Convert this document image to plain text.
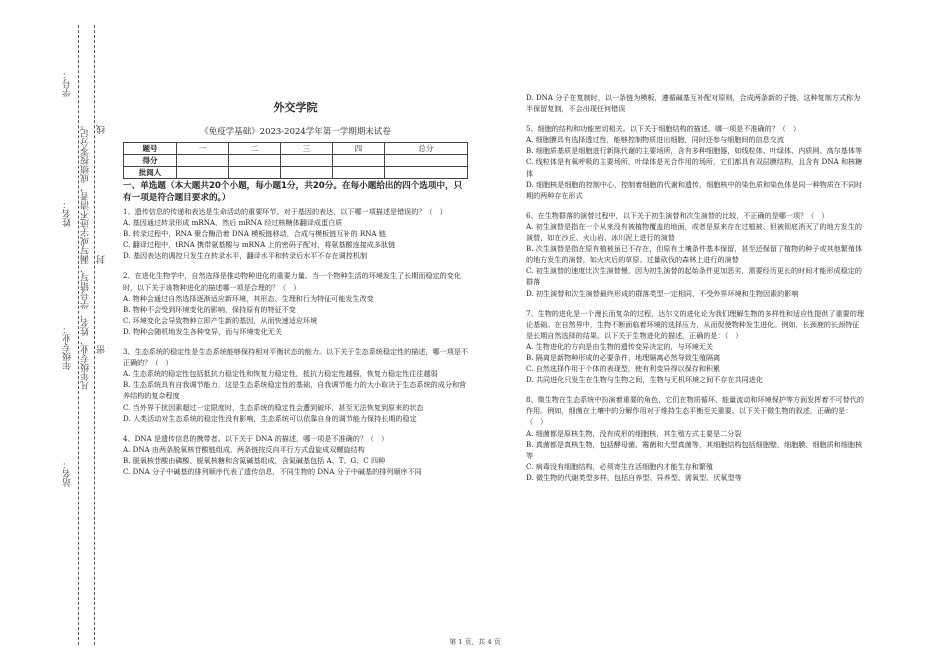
学号：
姓名：
年级专业：
站名：
凡年级专业、姓名、学号错写、漏写或字迹不清者，成绩按零分记。 线
封
密
外交学院
《免疫学基础》2023-2024学年第一学期期末试卷
题号	一	二	三	四	总分
得分					
批阅人					
一、单选题（本大题共20个小题，每小题1分，共20分。在每小题给出的四个选项中，只有一项是符合题目要求的。）

1、遗传信息的传递和表达是生命活动的重要环节。对于基因的表达，以下哪一项描述是错误的？（　）

A. 基因通过转录形成 mRNA，然后 mRNA 经过核糖体翻译成蛋白质

B. 转录过程中，RNA 聚合酶沿着 DNA 模板链移动，合成与模板链互补的 RNA 链

C. 翻译过程中，tRNA 携带氨基酸与 mRNA 上的密码子配对，将氨基酸连接成多肽链

D. 基因表达的调控只发生在转录水平，翻译水平和转录后水平不存在调控机制

2、在进化生物学中，自然选择是推动物种进化的重要力量。当一个物种生活的环境发生了长期而稳定的变化时，以下关于该物种进化的描述哪一项是合理的？（　）

A. 物种会通过自然选择逐渐适应新环境，其形态、生理和行为特征可能发生改变

B. 物种不会受到环境变化的影响，保持原有的特征不变

C. 环境变化会导致物种立即产生新的基因，从而快速适应环境

D. 物种会随机地发生各种变异，而与环境变化无关

3、生态系统的稳定性是生态系统能够保持相对平衡状态的能力。以下关于生态系统稳定性的描述，哪一项是不正确的？（　）

A. 生态系统的稳定性包括抵抗力稳定性和恢复力稳定性，抵抗力稳定性越强，恢复力稳定性往往越弱

B. 生态系统具有自我调节能力，这是生态系统稳定性的基础，自我调节能力的大小取决于生态系统的成分和营养结构的复杂程度

C. 当外界干扰因素超过一定限度时，生态系统的稳定性会遭到破坏，甚至无法恢复到原来的状态

D. 人类活动对生态系统的稳定性没有影响，生态系统可以依靠自身的调节能力保持长期的稳定

4、DNA 是遗传信息的携带者。以下关于 DNA 的描述，哪一项是不准确的？（　）

A. DNA 由两条脱氧核苷酸链组成，两条链按反向平行方式盘旋成双螺旋结构

B. 脱氧核苷酸由磷酸、脱氧核糖和含氮碱基组成，含氮碱基包括 A、T、G、C 四种

C. DNA 分子中碱基的排列顺序代表了遗传信息，不同生物的 DNA 分子中碱基的排列顺序不同

D. DNA 分子在复制时，以一条链为模板，遵循碱基互补配对原则，合成两条新的子链，这种复制方式称为半保留复制，不会出现任何错误

5、细胞的结构和功能密切相关。以下关于细胞结构的描述，哪一项是不准确的？（　）

A. 细胞膜具有选择透过性，能够控制物质进出细胞，同时还参与细胞间的信息交流

B. 细胞质基质是细胞进行新陈代谢的主要场所，含有多种细胞器，如线粒体、叶绿体、内质网、高尔基体等

C. 线粒体是有氧呼吸的主要场所，叶绿体是光合作用的场所，它们都具有双层膜结构，且含有 DNA 和核糖体

D. 细胞核是细胞的控制中心，控制着细胞的代谢和遗传，细胞核中的染色质和染色体是同一种物质在不同时期的两种存在形式

6、在生物群落的演替过程中，以下关于初生演替和次生演替的比较，不正确的是哪一项？（　）

A. 初生演替是指在一个从来没有被植物覆盖的地面，或者是原来存在过植被、但被彻底消灭了的地方发生的演替，如在沙丘、火山岩、冰川泥上进行的演替

B. 次生演替是指在原有植被虽已不存在，但原有土壤条件基本保留，甚至还保留了植物的种子或其他繁殖体的地方发生的演替，如火灾后的草原、过量砍伐的森林上进行的演替

C. 初生演替的速度比次生演替慢，因为初生演替的起始条件更加恶劣，需要经历更长的时间才能形成稳定的群落

D. 初生演替和次生演替最终形成的群落类型一定相同，不受外界环境和生物因素的影响

7、生物的进化是一个漫长而复杂的过程，达尔文的进化论为我们理解生物的多样性和适应性提供了重要的理论基础。在自然界中，生物不断面临着环境的选择压力，从而促使物种发生进化。例如，长颈鹿的长颈特征是长期自然选择的结果。以下关于生物进化的描述，正确的是：（　）

A. 生物进化的方向是由生物的遗传变异决定的，与环境无关

B. 隔离是新物种形成的必要条件，地理隔离必然导致生殖隔离

C. 自然选择作用于个体的表现型，使有利变异得以保存和积累

D. 共同进化只发生在生物与生物之间，生物与无机环境之间不存在共同进化

8、微生物在生态系统中扮演着重要的角色，它们在物质循环、能量流动和环境保护等方面发挥着不可替代的作用。例如，细菌在土壤中的分解作用对于维持生态平衡至关重要。以下关于微生物的叙述，正确的是：（　）

A. 细菌都是原核生物，没有成形的细胞核，其生殖方式主要是二分裂

B. 真菌都是真核生物，包括酵母菌、霉菌和大型真菌等，其细胞结构包括细胞壁、细胞膜、细胞质和细胞核等

C. 病毒没有细胞结构，必须寄生在活细胞内才能生存和繁殖

D. 微生物的代谢类型多样，包括自养型、异养型、需氧型、厌氧型等

第 1 页，共 4 页
